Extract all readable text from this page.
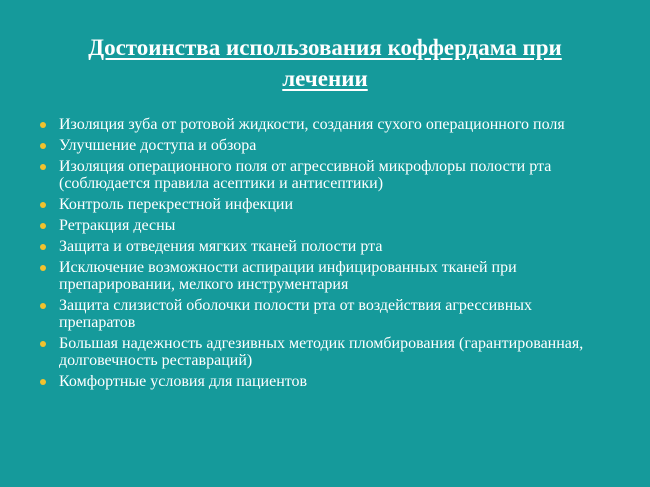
Достоинства использования коффердама при
лечении
Изоляция зуба от ротовой жидкости, создания сухого операционного поля
Улучшение доступа и обзора
Изоляция операционного поля от агрессивной микрофлоры полости рта (соблюдается правила асептики и антисептики)
Контроль перекрестной инфекции
Ретракция десны
Защита и отведения мягких тканей полости рта
Исключение возможности аспирации инфицированных тканей при препарировании, мелкого инструментария
Защита слизистой оболочки полости рта от воздействия агрессивных препаратов
Большая надежность адгезивных методик пломбирования (гарантированная, долговечность реставраций)
Комфортные условия для пациентов
